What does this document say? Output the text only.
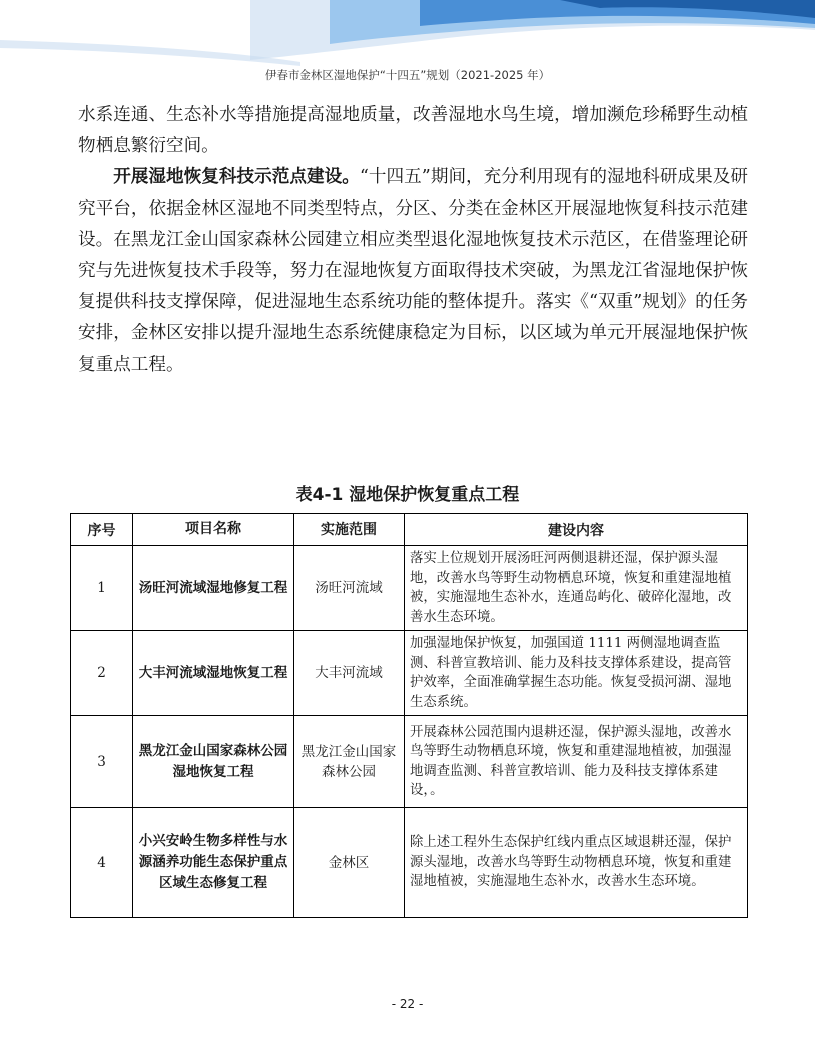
伊春市金林区湿地保护“十四五”规划（2021-2025 年）

水系连通、生态补水等措施提高湿地质量，改善湿地水鸟生境，增加濒危珍稀野生动植物栖息繁衍空间。

开展湿地恢复科技示范点建设。“十四五”期间，充分利用现有的湿地科研成果及研究平台，依据金林区湿地不同类型特点，分区、分类在金林区开展湿地恢复科技示范建设。在黑龙江金山国家森林公园建立相应类型退化湿地恢复技术示范区，在借鉴理论研究与先进恢复技术手段等，努力在湿地恢复方面取得技术突破，为黑龙江省湿地保护恢复提供科技支撑保障，促进湿地生态系统功能的整体提升。落实《“双重”规划》的任务安排，金林区安排以提升湿地生态系统健康稳定为目标，以区域为单元开展湿地保护恢复重点工程。

表4-1 湿地保护恢复重点工程
序号	项目名称	实施范围	建设内容
1	汤旺河流域湿地修复工程	汤旺河流域	落实上位规划开展汤旺河两侧退耕还湿，保护源头湿地，改善水鸟等野生动物栖息环境，恢复和重建湿地植被，实施湿地生态补水，连通岛屿化、破碎化湿地，改善水生态环境。
2	大丰河流域湿地恢复工程	大丰河流域	加强湿地保护恢复，加强国道 1111 两侧湿地调查监测、科普宣教培训、能力及科技支撑体系建设，提高管护效率，全面准确掌握生态功能。恢复受损河湖、湿地生态系统。
3	黑龙江金山国家森林公园湿地恢复工程	黑龙江金山国家森林公园	开展森林公园范围内退耕还湿，保护源头湿地，改善水鸟等野生动物栖息环境，恢复和重建湿地植被，加强湿地调查监测、科普宣教培训、能力及科技支撑体系建设，。
4	小兴安岭生物多样性与水源涵养功能生态保护重点区域生态修复工程	金林区	除上述工程外生态保护红线内重点区域退耕还湿，保护源头湿地，改善水鸟等野生动物栖息环境，恢复和重建湿地植被，实施湿地生态补水，改善水生态环境。
- 22 -
